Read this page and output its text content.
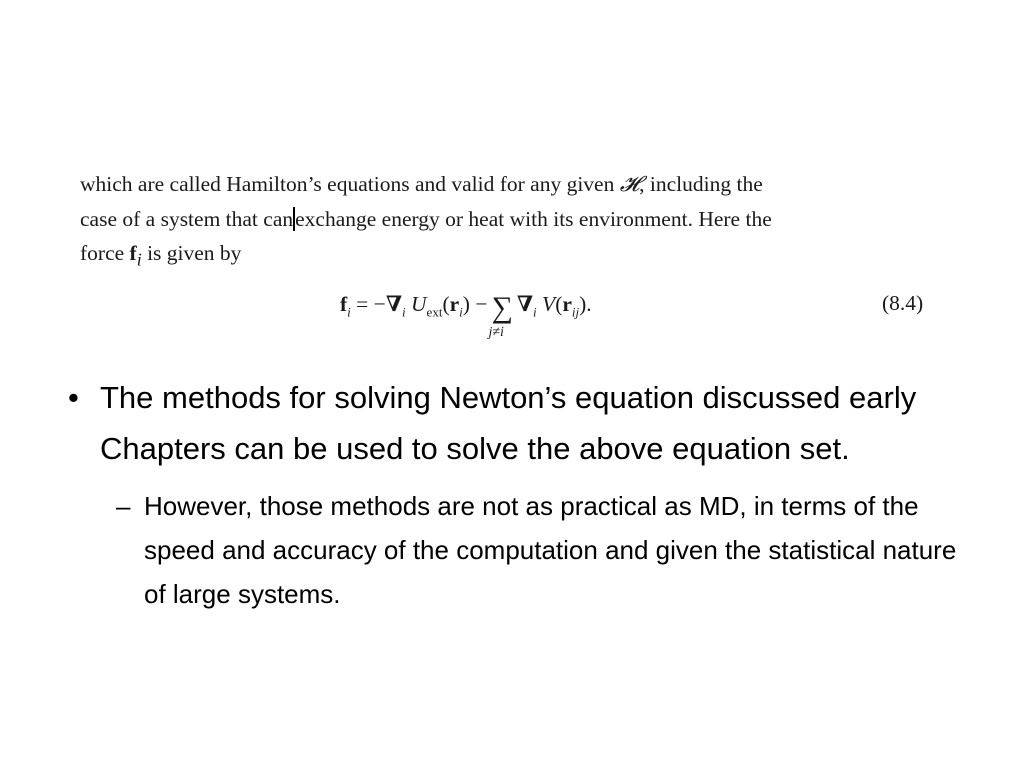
which are called Hamilton’s equations and valid for any given 𝓗, including the
case of a system that canexchange energy or heat with its environment. Here the
force $f_i$ is given by
$f_i = -\nabla_i$ $U_{ext}(r_i)$ − ∑
j≠i
$\nabla_i$ $V(r_{ij})$.	(8.4)
• The methods for solving Newton’s equation discussed early Chapters can be used to solve the above equation set.
– However, those methods are not as practical as MD, in terms of the speed and accuracy of the computation and given the statistical nature of large systems.
